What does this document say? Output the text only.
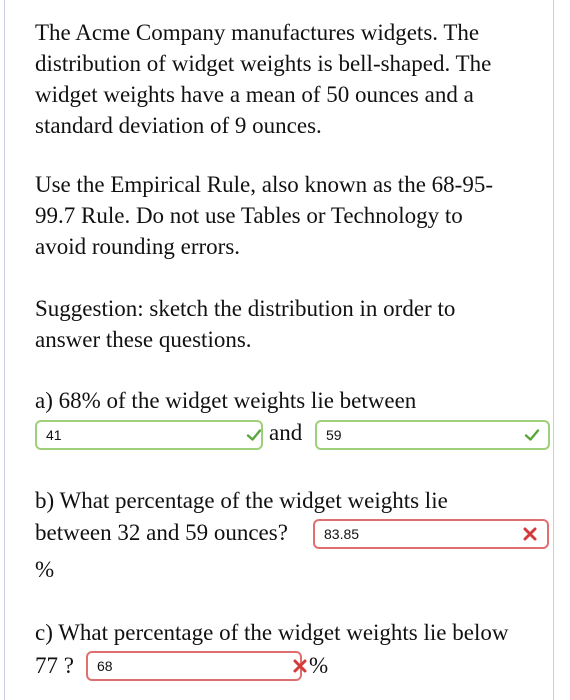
The Acme Company manufactures widgets. The
distribution of widget weights is bell-shaped. The
widget weights have a mean of 50 ounces and a
standard deviation of 9 ounces.
Use the Empirical Rule, also known as the 68-95-
99.7 Rule. Do not use Tables or Technology to
avoid rounding errors.
Suggestion: sketch the distribution in order to
answer these questions.
a) 68% of the widget weights lie between
41	and 59
b) What percentage of the widget weights lie
between 32 and 59 ounces?	83.85
%
c) What percentage of the widget weights lie below
77 ? 68	%
